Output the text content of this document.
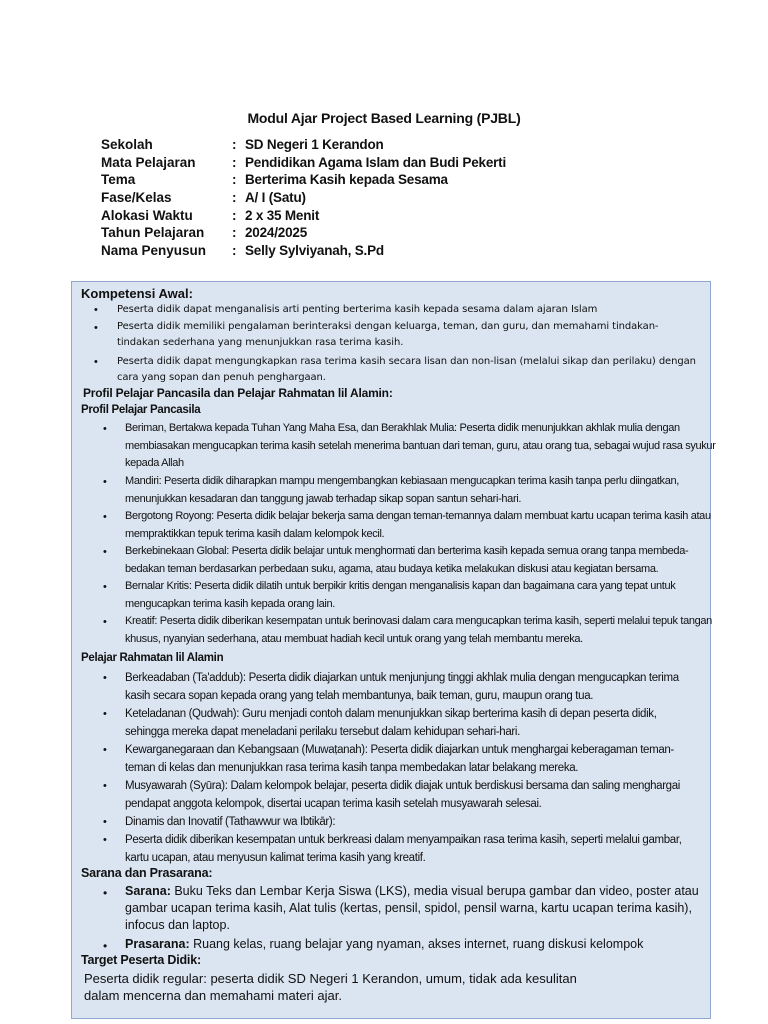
Modul Ajar Project Based Learning (PJBL)
Sekolah	: SD Negeri 1 Kerandon
Mata Pelajaran	: Pendidikan Agama Islam dan Budi Pekerti
Tema	: Berterima Kasih kepada Sesama
Fase/Kelas	: A/ I (Satu)
Alokasi Waktu	: 2 x 35 Menit
Tahun Pelajaran	: 2024/2025
Nama Penyusun	: Selly Sylviyanah, S.Pd
Kompetensi Awal:
• Peserta didik dapat menganalisis arti penting berterima kasih kepada sesama dalam ajaran Islam
• Peserta didik memiliki pengalaman berinteraksi dengan keluarga, teman, dan guru, dan memahami tindakan-
tindakan sederhana yang menunjukkan rasa terima kasih.
• Peserta didik dapat mengungkapkan rasa terima kasih secara lisan dan non-lisan (melalui sikap dan perilaku) dengan
cara yang sopan dan penuh penghargaan.
Profil Pelajar Pancasila dan Pelajar Rahmatan lil Alamin:
Profil Pelajar Pancasila
• Beriman, Bertakwa kepada Tuhan Yang Maha Esa, dan Berakhlak Mulia: Peserta didik menunjukkan akhlak mulia dengan
membiasakan mengucapkan terima kasih setelah menerima bantuan dari teman, guru, atau orang tua, sebagai wujud rasa syukur
kepada Allah
• Mandiri: Peserta didik diharapkan mampu mengembangkan kebiasaan mengucapkan terima kasih tanpa perlu diingatkan,
menunjukkan kesadaran dan tanggung jawab terhadap sikap sopan santun sehari-hari.
• Bergotong Royong: Peserta didik belajar bekerja sama dengan teman-temannya dalam membuat kartu ucapan terima kasih atau
mempraktikkan tepuk terima kasih dalam kelompok kecil.
• Berkebinekaan Global: Peserta didik belajar untuk menghormati dan berterima kasih kepada semua orang tanpa membeda-
bedakan teman berdasarkan perbedaan suku, agama, atau budaya ketika melakukan diskusi atau kegiatan bersama.
• Bernalar Kritis: Peserta didik dilatih untuk berpikir kritis dengan menganalisis kapan dan bagaimana cara yang tepat untuk
mengucapkan terima kasih kepada orang lain.
• Kreatif: Peserta didik diberikan kesempatan untuk berinovasi dalam cara mengucapkan terima kasih, seperti melalui tepuk tangan
khusus, nyanyian sederhana, atau membuat hadiah kecil untuk orang yang telah membantu mereka.
Pelajar Rahmatan lil Alamin
• Berkeadaban (Ta'addub): Peserta didik diajarkan untuk menjunjung tinggi akhlak mulia dengan mengucapkan terima
kasih secara sopan kepada orang yang telah membantunya, baik teman, guru, maupun orang tua.
• Keteladanan (Qudwah): Guru menjadi contoh dalam menunjukkan sikap berterima kasih di depan peserta didik,
sehingga mereka dapat meneladani perilaku tersebut dalam kehidupan sehari-hari.
• Kewarganegaraan dan Kebangsaan (Muwaṭanah): Peserta didik diajarkan untuk menghargai keberagaman teman-
teman di kelas dan menunjukkan rasa terima kasih tanpa membedakan latar belakang mereka.
• Musyawarah (Syūra): Dalam kelompok belajar, peserta didik diajak untuk berdiskusi bersama dan saling menghargai
pendapat anggota kelompok, disertai ucapan terima kasih setelah musyawarah selesai.
• Dinamis dan Inovatif (Tathawwur wa Ibtikār):
• Peserta didik diberikan kesempatan untuk berkreasi dalam menyampaikan rasa terima kasih, seperti melalui gambar,
kartu ucapan, atau menyusun kalimat terima kasih yang kreatif.
Sarana dan Prasarana:
• Sarana: Buku Teks dan Lembar Kerja Siswa (LKS), media visual berupa gambar dan video, poster atau
gambar ucapan terima kasih, Alat tulis (kertas, pensil, spidol, pensil warna, kartu ucapan terima kasih),
infocus dan laptop.
• Prasarana: Ruang kelas, ruang belajar yang nyaman, akses internet, ruang diskusi kelompok
Target Peserta Didik:
Peserta didik regular: peserta didik SD Negeri 1 Kerandon, umum, tidak ada kesulitan
dalam mencerna dan memahami materi ajar.
